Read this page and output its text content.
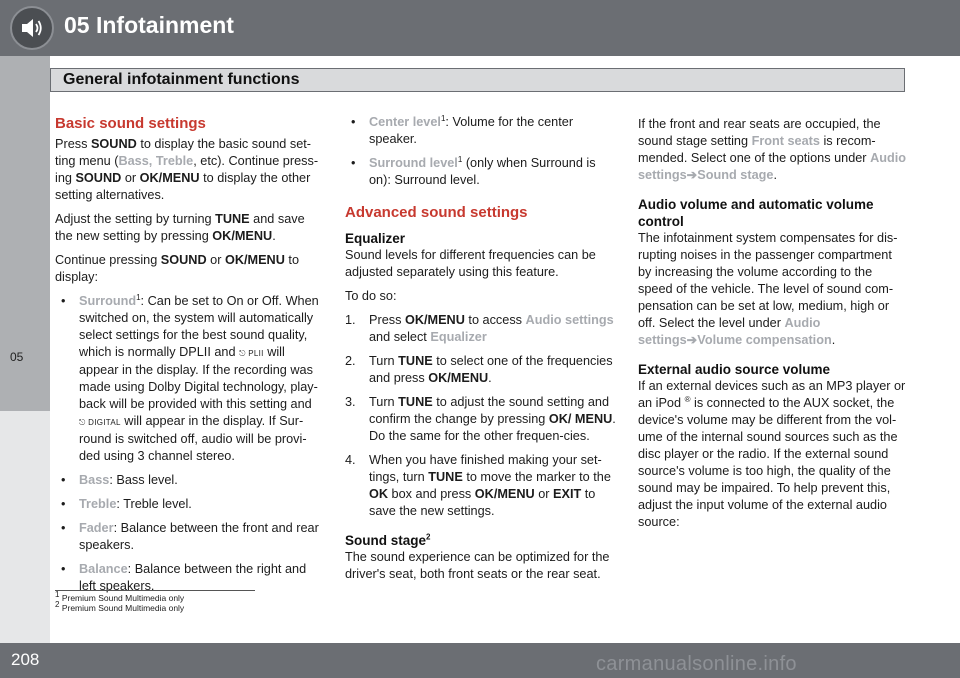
05 Infotainment
General infotainment functions
05
Basic sound settings

Press SOUND to display the basic sound set-ting menu (Bass, Treble, etc). Continue press-ing SOUND or OK/MENU to display the other setting alternatives.

Adjust the setting by turning TUNE and save the new setting by pressing OK/MENU.

Continue pressing SOUND or OK/MENU to display:

• Surround$^1$: Can be set to On or Off. When switched on, the system will automatically select settings for the best sound quality, which is normally DPLII and ⎋ PLII will appear in the display. If the recording was made using Dolby Digital technology, play-back will be provided with this setting and ⎋ DIGITAL will appear in the display. If Sur-round is switched off, audio will be provi-ded using 3 channel stereo.
• Bass: Bass level.
• Treble: Treble level.
• Fader: Balance between the front and rear speakers.
• Balance: Balance between the right and left speakers.
• Center level$^1$: Volume for the center speaker.
• Surround level$^1$ (only when Surround is on): Surround level.
Advanced sound settings
Equalizer

Sound levels for different frequencies can be adjusted separately using this feature.

To do so:

1. Press OK/MENU to access Audio settings and select Equalizer
2. Turn TUNE to select one of the frequencies and press OK/MENU.
3. Turn TUNE to adjust the sound setting and confirm the change by pressing OK/ MENU. Do the same for the other frequen-cies.
4. When you have finished making your set-tings, turn TUNE to move the marker to the OK box and press OK/MENU or EXIT to save the new settings.
Sound stage$^2$

The sound experience can be optimized for the driver's seat, both front seats or the rear seat.

If the front and rear seats are occupied, the sound stage setting Front seats is recom-mended. Select one of the options under Audio settings➔Sound stage.

Audio volume and automatic volume control

The infotainment system compensates for dis-rupting noises in the passenger compartment by increasing the volume according to the speed of the vehicle. The level of sound com-pensation can be set at low, medium, high or off. Select the level under Audio settings➔Volume compensation.

External audio source volume

If an external devices such as an MP3 player or an iPod ® is connected to the AUX socket, the device's volume may be different from the vol-ume of the internal sound sources such as the disc player or the radio. If the external sound source's volume is too high, the quality of the sound may be impaired. To help prevent this, adjust the input volume of the external audio source:

$^1$ Premium Sound Multimedia only
$^2$ Premium Sound Multimedia only
208	carmanualsonline.info
